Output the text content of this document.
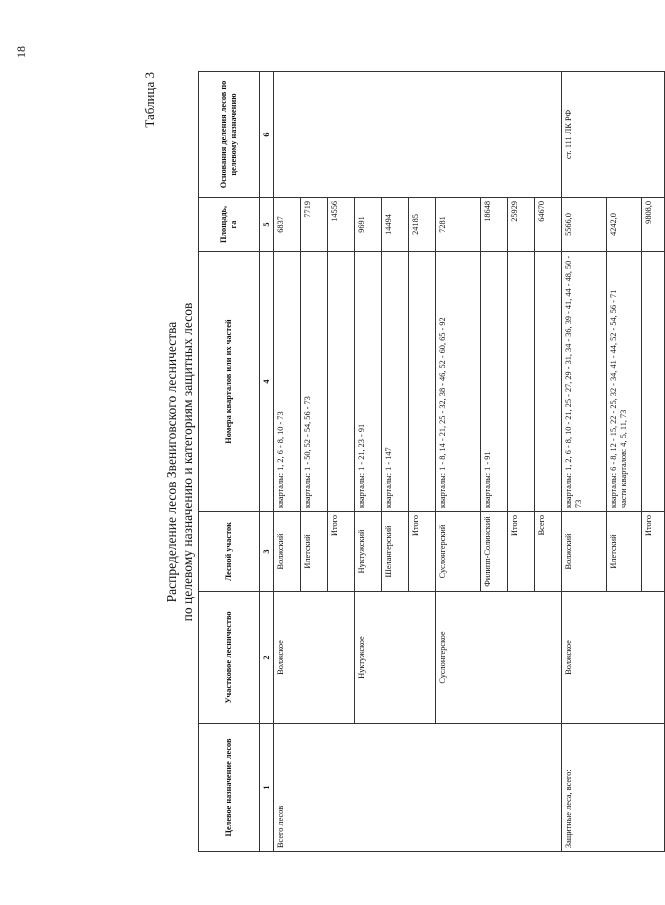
18
Таблица 3
Распределение лесов Звениговского лесничества по целевому назначению и категориям защитных лесов
Целевое назначение лесов	Участковое лесничество	Лесной участок	Номера кварталов или их частей	Площадь, га	Основания деления лесов по целевому назначению
1	2	3	4	5	6
Всего лесов	Волжское	Волжский	кварталы: 1, 2, 6 - 8, 10 - 73	6837	
		Илетский	кварталы: 1 - 50, 52 - 54, 56 - 73	7719	
		Итого		14556	
	Нуктужское	Нуктужский	кварталы: 1 - 21, 23 - 91	9691	
		Шелангерский	кварталы: 1 - 147	14494	
		Итого		24185	
	Суслонгерское	Суслонгерский	кварталы: 1 - 8, 14 - 21, 25 - 32, 38 - 46, 52 - 60, 65 - 92	7281	
		Филипп-Солинский	кварталы: 1 - 91	18648	
		Итого		25929	
		Всего		64670	
Защитные леса, всего:	Волжское	Волжский	кварталы: 1, 2, 6 - 8, 10 - 21, 25 - 27, 29 - 31, 34 - 36, 39 - 41, 44 - 48, 50 - 73	5566,0	ст. 111 ЛК РФ
		Илетский	кварталы: 6 - 8, 12 - 15, 22 - 25, 32 - 34, 41 - 44, 52 - 54, 56 - 71 части кварталов: 4, 5, 11, 73	4242,0	
		Итого		9808,0	
